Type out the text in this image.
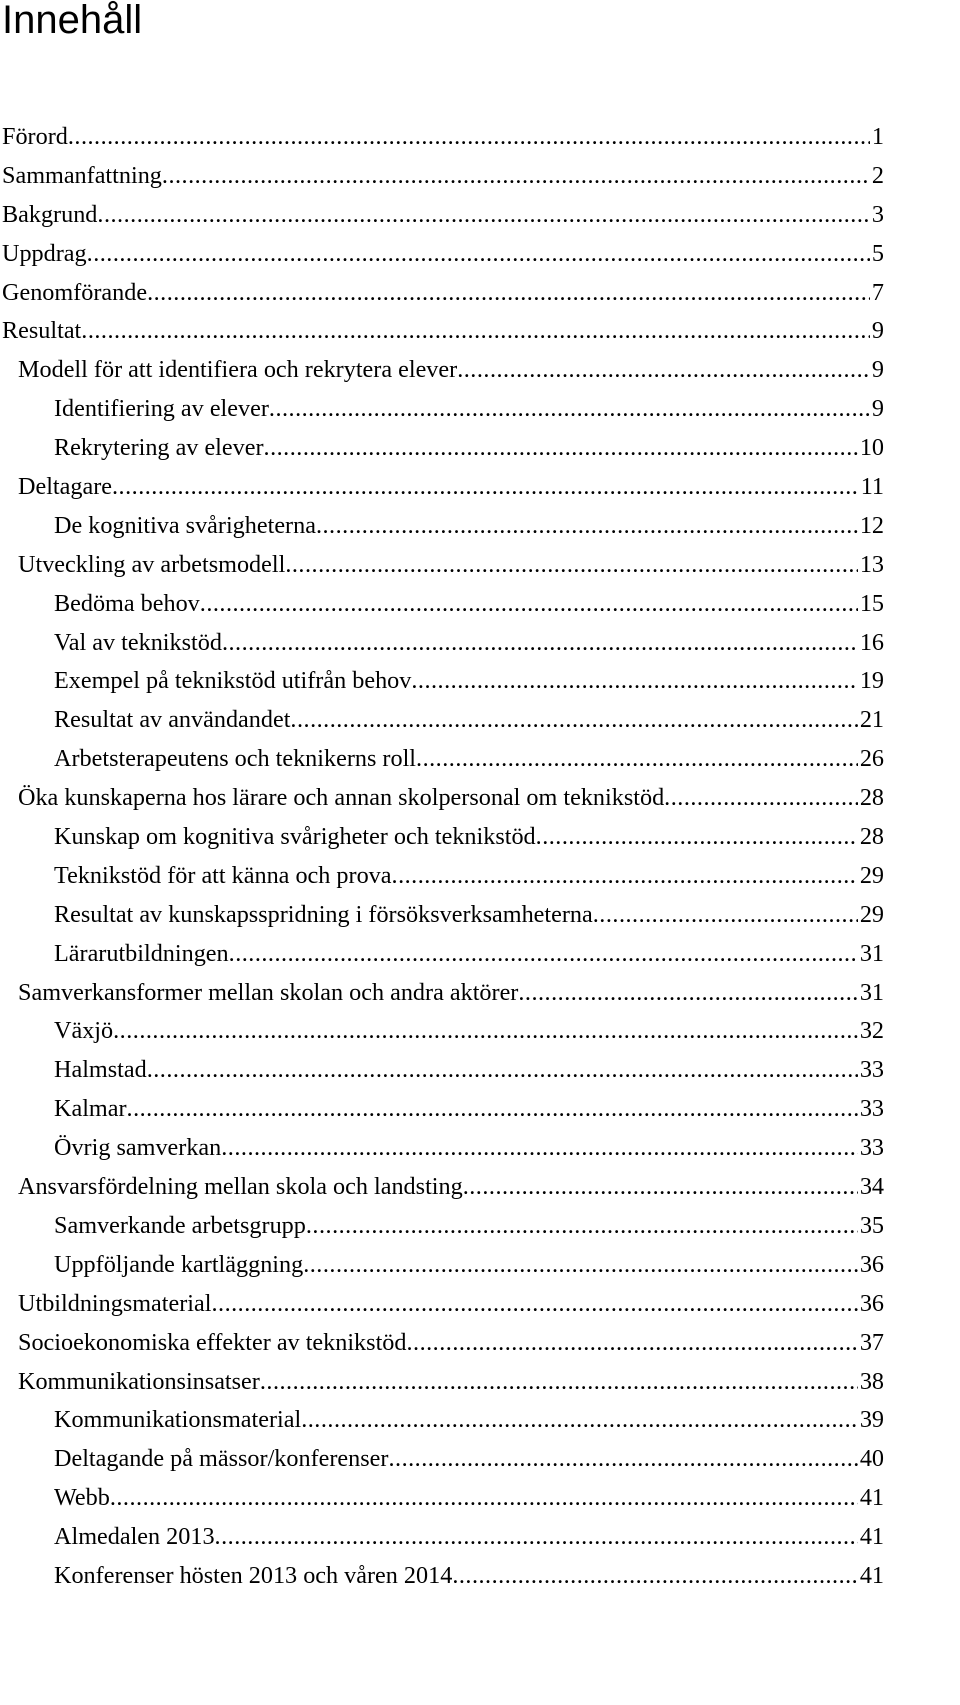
Innehåll
Förord .....	1
Sammanfattning .....	2
Bakgrund .....	3
Uppdrag .....	5
Genomförande .....	7
Resultat .....	9
Modell för att identifiera och rekrytera elever .....	9
Identifiering av elever .....	9
Rekrytering av elever .....	10
Deltagare .....	11
De kognitiva svårigheterna .....	12
Utveckling av arbetsmodell .....	13
Bedöma behov .....	15
Val av teknikstöd .....	16
Exempel på teknikstöd utifrån behov .....	19
Resultat av användandet .....	21
Arbetsterapeutens och teknikerns roll .....	26
Öka kunskaperna hos lärare och annan skolpersonal om teknikstöd .....	28
Kunskap om kognitiva svårigheter och teknikstöd .....	28
Teknikstöd för att känna och prova .....	29
Resultat av kunskapsspridning i försöksverksamheterna .....	29
Lärarutbildningen .....	31
Samverkansformer mellan skolan och andra aktörer .....	31
Växjö .....	32
Halmstad .....	33
Kalmar .....	33
Övrig samverkan .....	33
Ansvarsfördelning mellan skola och landsting .....	34
Samverkande arbetsgrupp .....	35
Uppföljande kartläggning .....	36
Utbildningsmaterial .....	36
Socioekonomiska effekter av teknikstöd .....	37
Kommunikationsinsatser .....	38
Kommunikationsmaterial .....	39
Deltagande på mässor/konferenser .....	40
Webb .....	41
Almedalen 2013 .....	41
Konferenser hösten 2013 och våren 2014 .....	41
